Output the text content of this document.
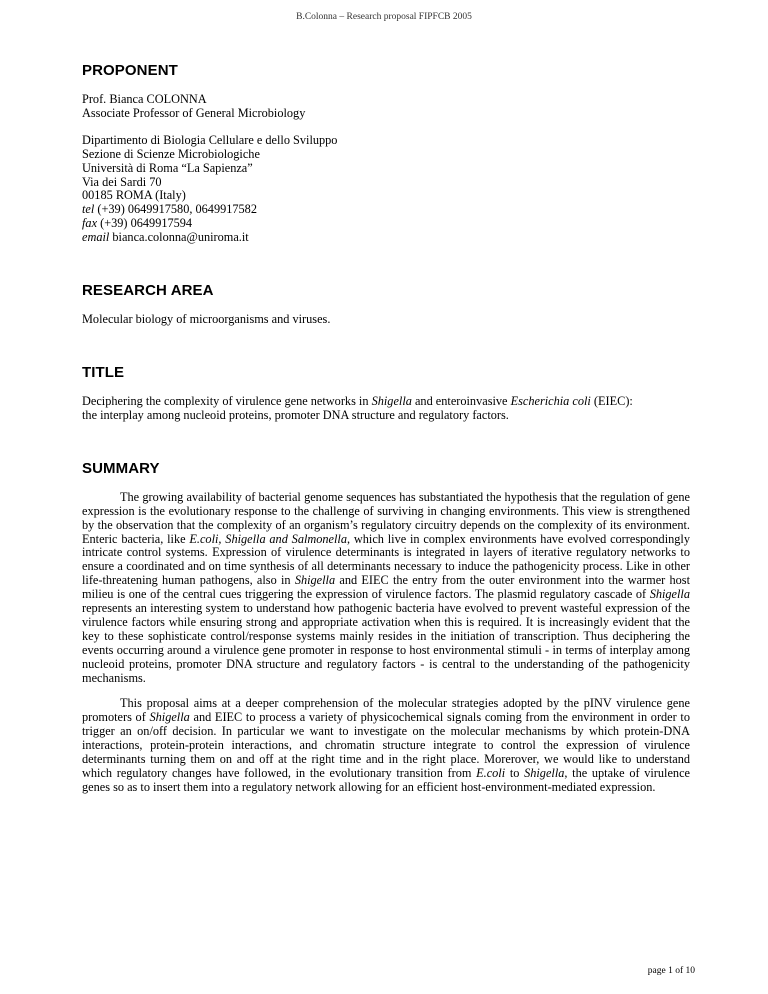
B.Colonna – Research proposal FIPFCB 2005
PROPONENT
Prof. Bianca COLONNA
Associate Professor of General Microbiology
Dipartimento di Biologia Cellulare e dello Sviluppo
Sezione di Scienze Microbiologiche
Università di Roma “La Sapienza”
Via dei Sardi 70
00185 ROMA (Italy)
tel (+39) 0649917580, 0649917582
fax (+39) 0649917594
email bianca.colonna@uniroma.it
RESEARCH AREA
Molecular biology of microorganisms and viruses.
TITLE
Deciphering the complexity of virulence gene networks in Shigella and enteroinvasive Escherichia coli (EIEC):
the interplay among nucleoid proteins, promoter DNA structure and regulatory factors.
SUMMARY

The growing availability of bacterial genome sequences has substantiated the hypothesis that the regulation of gene expression is the evolutionary response to the challenge of surviving in changing environments. This view is strengthened by the observation that the complexity of an organism’s regulatory circuitry depends on the complexity of its environment. Enteric bacteria, like E.coli, Shigella and Salmonella, which live in complex environments have evolved correspondingly intricate control systems. Expression of virulence determinants is integrated in layers of iterative regulatory networks to ensure a coordinated and on time synthesis of all determinants necessary to induce the pathogenicity process. Like in other life-threatening human pathogens, also in Shigella and EIEC the entry from the outer environment into the warmer host milieu is one of the central cues triggering the expression of virulence factors. The plasmid regulatory cascade of Shigella represents an interesting system to understand how pathogenic bacteria have evolved to prevent wasteful expression of the virulence factors while ensuring strong and appropriate activation when this is required. It is increasingly evident that the key to these sophisticate control/response systems mainly resides in the initiation of transcription. Thus deciphering the events occurring around a virulence gene promoter in response to host environmental stimuli - in terms of interplay among nucleoid proteins, promoter DNA structure and regulatory factors - is central to the understanding of the pathogenicity mechanisms.

This proposal aims at a deeper comprehension of the molecular strategies adopted by the pINV virulence gene promoters of Shigella and EIEC to process a variety of physicochemical signals coming from the environment in order to trigger an on/off decision. In particular we want to investigate on the molecular mechanisms by which protein-DNA interactions, protein-protein interactions, and chromatin structure integrate to control the expression of virulence determinants turning them on and off at the right time and in the right place. Morerover, we would like to understand which regulatory changes have followed, in the evolutionary transition from E.coli to Shigella, the uptake of virulence genes so as to insert them into a regulatory network allowing for an efficient host-environment-mediated expression.

page 1 of 10
